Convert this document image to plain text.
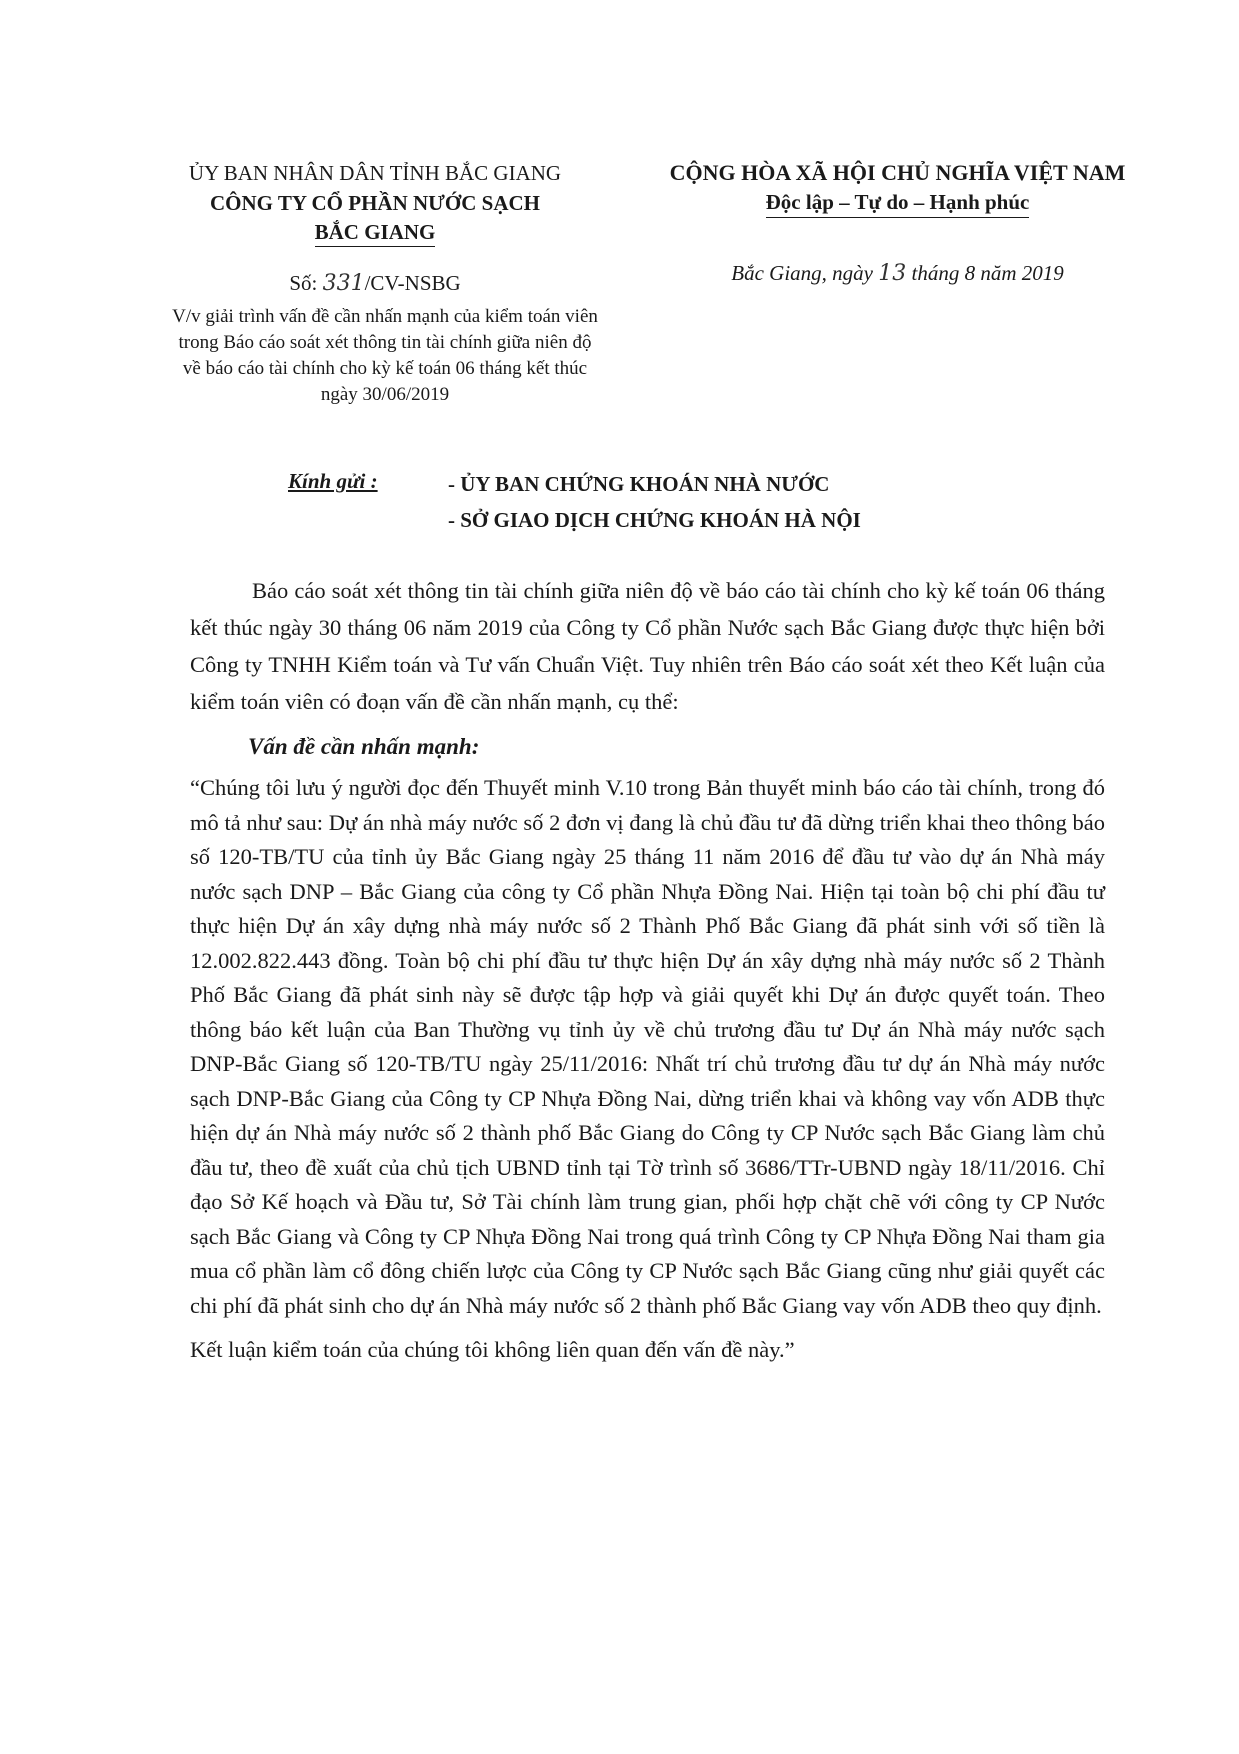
ỦY BAN NHÂN DÂN TỈNH BẮC GIANG
CÔNG TY CỔ PHẦN NƯỚC SẠCH
BẮC GIANG
CỘNG HÒA XÃ HỘI CHỦ NGHĨA VIỆT NAM
Độc lập – Tự do – Hạnh phúc
Số: 331/CV-NSBG
V/v giải trình vấn đề cần nhấn mạnh của kiểm toán viên trong Báo cáo soát xét thông tin tài chính giữa niên độ về báo cáo tài chính cho kỳ kế toán 06 tháng kết thúc ngày 30/06/2019
Bắc Giang, ngày 13 tháng 8 năm 2019
Kính gửi :	- ỦY BAN CHỨNG KHOÁN NHÀ NƯỚC
- SỞ GIAO DỊCH CHỨNG KHOÁN HÀ NỘI

Báo cáo soát xét thông tin tài chính giữa niên độ về báo cáo tài chính cho kỳ kế toán 06 tháng kết thúc ngày 30 tháng 06 năm 2019 của Công ty Cổ phần Nước sạch Bắc Giang được thực hiện bởi Công ty TNHH Kiểm toán và Tư vấn Chuẩn Việt. Tuy nhiên trên Báo cáo soát xét theo Kết luận của kiểm toán viên có đoạn vấn đề cần nhấn mạnh, cụ thể:

Vấn đề cần nhấn mạnh:

“Chúng tôi lưu ý người đọc đến Thuyết minh V.10 trong Bản thuyết minh báo cáo tài chính, trong đó mô tả như sau: Dự án nhà máy nước số 2 đơn vị đang là chủ đầu tư đã dừng triển khai theo thông báo số 120-TB/TU của tỉnh ủy Bắc Giang ngày 25 tháng 11 năm 2016 để đầu tư vào dự án Nhà máy nước sạch DNP – Bắc Giang của công ty Cổ phần Nhựa Đồng Nai. Hiện tại toàn bộ chi phí đầu tư thực hiện Dự án xây dựng nhà máy nước số 2 Thành Phố Bắc Giang đã phát sinh với số tiền là 12.002.822.443 đồng. Toàn bộ chi phí đầu tư thực hiện Dự án xây dựng nhà máy nước số 2 Thành Phố Bắc Giang đã phát sinh này sẽ được tập hợp và giải quyết khi Dự án được quyết toán. Theo thông báo kết luận của Ban Thường vụ tỉnh ủy về chủ trương đầu tư Dự án Nhà máy nước sạch DNP-Bắc Giang số 120-TB/TU ngày 25/11/2016: Nhất trí chủ trương đầu tư dự án Nhà máy nước sạch DNP-Bắc Giang của Công ty CP Nhựa Đồng Nai, dừng triển khai và không vay vốn ADB thực hiện dự án Nhà máy nước số 2 thành phố Bắc Giang do Công ty CP Nước sạch Bắc Giang làm chủ đầu tư, theo đề xuất của chủ tịch UBND tỉnh tại Tờ trình số 3686/TTr-UBND ngày 18/11/2016. Chỉ đạo Sở Kế hoạch và Đầu tư, Sở Tài chính làm trung gian, phối hợp chặt chẽ với công ty CP Nước sạch Bắc Giang và Công ty CP Nhựa Đồng Nai trong quá trình Công ty CP Nhựa Đồng Nai tham gia mua cổ phần làm cổ đông chiến lược của Công ty CP Nước sạch Bắc Giang cũng như giải quyết các chi phí đã phát sinh cho dự án Nhà máy nước số 2 thành phố Bắc Giang vay vốn ADB theo quy định.

Kết luận kiểm toán của chúng tôi không liên quan đến vấn đề này.”
